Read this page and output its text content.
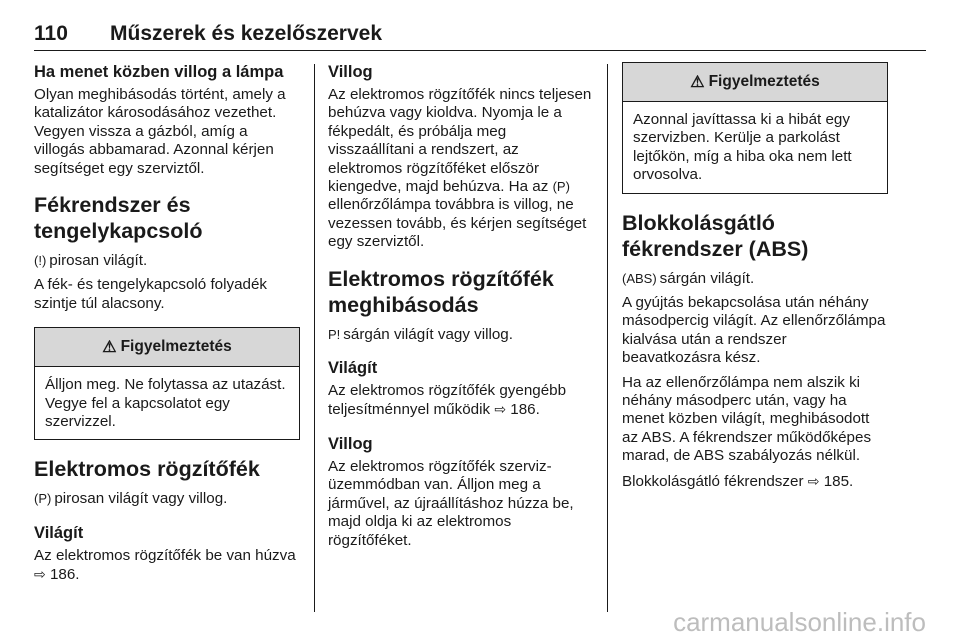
110 Műszerek és kezelőszervek
Ha menet közben villog a lámpa

Olyan meghibásodás történt, amely a katalizátor károsodásához vezethet. Vegyen vissza a gázból, amíg a villogás abbamarad. Azonnal kérjen segítséget egy szerviztől.

Fékrendszer és tengelykapcsoló

(!) pirosan világít.

A fék- és tengelykapcsoló folyadék szintje túl alacsony.

⚠ Figyelmeztetés

Álljon meg. Ne folytassa az utazást. Vegye fel a kapcsolatot egy szervizzel.

Elektromos rögzítőfék

(P) pirosan világít vagy villog.

Világít

Az elektromos rögzítőfék be van húzva ⇨ 186.

Villog

Az elektromos rögzítőfék nincs teljesen behúzva vagy kioldva. Nyomja le a fékpedált, és próbálja meg visszaállítani a rendszert, az elektromos rögzítőféket először kiengedve, majd behúzva. Ha az (P) ellenőrzőlámpa továbbra is villog, ne vezessen tovább, és kérjen segítséget egy szerviztől.

Elektromos rögzítőfék meghibásodás

P! sárgán világít vagy villog.

Világít

Az elektromos rögzítőfék gyengébb teljesítménnyel működik ⇨ 186.

Villog

Az elektromos rögzítőfék szerviz-üzemmódban van. Álljon meg a járművel, az újraállításhoz húzza be, majd oldja ki az elektromos rögzítőféket.

⚠ Figyelmeztetés

Azonnal javíttassa ki a hibát egy szervizben. Kerülje a parkolást lejtőkön, míg a hiba oka nem lett orvosolva.

Blokkolásgátló fékrendszer (ABS)

(ABS) sárgán világít.

A gyújtás bekapcsolása után néhány másodpercig világít. Az ellenőrzőlámpa kialvása után a rendszer beavatkozásra kész.

Ha az ellenőrzőlámpa nem alszik ki néhány másodperc után, vagy ha menet közben világít, meghibásodott az ABS. A fékrendszer működőképes marad, de ABS szabályozás nélkül.

Blokkolásgátló fékrendszer ⇨ 185.

carmanualsonline.info
